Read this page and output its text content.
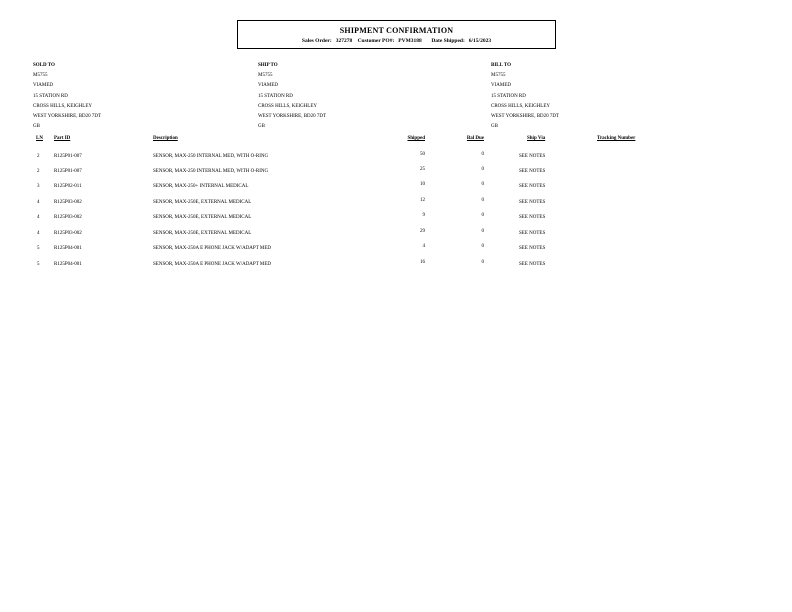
SHIPMENT CONFIRMATION
Sales Order: 327278 Customer PO#: PVM3188 Date Shipped: 6/15/2023
SOLD TO
M5755
VIAMED
15 STATION RD
CROSS HILLS, KEIGHLEY
WEST YORKSHIRE, BD20 7DT
GB
SHIP TO
M5755
VIAMED
15 STATION RD
CROSS HILLS, KEIGHLEY
WEST YORKSHIRE, BD20 7DT
GB
BILL TO
M5755
VIAMED
15 STATION RD
CROSS HILLS, KEIGHLEY
WEST YORKSHIRE, BD20 7DT
GB
LN Part ID	Description	Shipped	Bal Due	Ship Via	Tracking Number
2	R125P01-007	SENSOR, MAX-250 INTERNAL MED, WITH O-RING	50	0	SEE NOTES
2	R125P01-007	SENSOR, MAX-250 INTERNAL MED, WITH O-RING	25	0	SEE NOTES
3	R125P02-011	SENSOR, MAX-250+ INTERNAL MEDICAL	10	0	SEE NOTES
4	R125P03-002	SENSOR, MAX-250E, EXTERNAL MEDICAL	12	0	SEE NOTES
4	R125P03-002	SENSOR, MAX-250E, EXTERNAL MEDICAL	9	0	SEE NOTES
4	R125P03-002	SENSOR, MAX-250E, EXTERNAL MEDICAL	29	0	SEE NOTES
5	R125P04-001	SENSOR, MAX-250A E PHONE JACK W/ADAPT MED	4	0	SEE NOTES
5	R125P04-001	SENSOR, MAX-250A E PHONE JACK W/ADAPT MED	16	0	SEE NOTES
